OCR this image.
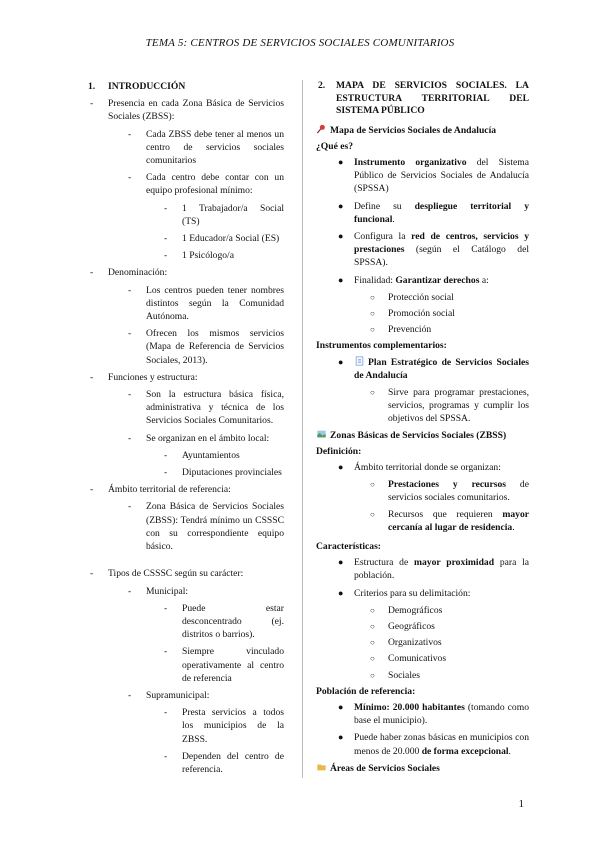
TEMA 5: CENTROS DE SERVICIOS SOCIALES COMUNITARIOS

1. INTRODUCCIÓN

- Presencia en cada Zona Básica de Servicios Sociales (ZBSS):
- Cada ZBSS debe tener al menos un centro de servicios sociales comunitarios
- Cada centro debe contar con un equipo profesional mínimo:
- 1 Trabajador/a Social (TS)
- 1 Educador/a Social (ES)
- 1 Psicólogo/a
- Denominación:
- Los centros pueden tener nombres distintos según la Comunidad Autónoma.
- Ofrecen los mismos servicios (Mapa de Referencia de Servicios Sociales, 2013).
- Funciones y estructura:
- Son la estructura básica física, administrativa y técnica de los Servicios Sociales Comunitarios.
- Se organizan en el ámbito local:
- Ayuntamientos
- Diputaciones provinciales
- Ámbito territorial de referencia:
- Zona Básica de Servicios Sociales (ZBSS): Tendrá mínimo un CSSSC con su correspondiente equipo básico.
- Tipos de CSSSC según su carácter:
- Municipal:
- Puede estar desconcentrado (ej. distritos o barrios).
- Siempre vinculado operativamente al centro de referencia
- Supramunicipal:
- Presta servicios a todos los municipios de la ZBSS.
- Dependen del centro de referencia.

2. MAPA DE SERVICIOS SOCIALES. LA ESTRUCTURA TERRITORIAL DEL SISTEMA PÚBLICO

Mapa de Servicios Sociales de Andalucía

¿Qué es?

● Instrumento organizativo del Sistema Público de Servicios Sociales de Andalucía (SPSSA)
● Define su despliegue territorial y funcional.
● Configura la red de centros, servicios y prestaciones (según el Catálogo del SPSSA).
● Finalidad: Garantizar derechos a:
○ Protección social
○ Promoción social
○ Prevención

Instrumentos complementarios:

●	Plan Estratégico de Servicios Sociales de Andalucía
○ Sirve para programar prestaciones, servicios, programas y cumplir los objetivos del SPSSA.

Zonas Básicas de Servicios Sociales (ZBSS)

Definición:

● Ámbito territorial donde se organizan:
○ Prestaciones y recursos de servicios sociales comunitarios.
○ Recursos que requieren mayor cercanía al lugar de residencia.

Características:

● Estructura de mayor proximidad para la población.
● Criterios para su delimitación:
○ Demográficos
○ Geográficos
○ Organizativos
○ Comunicativos
○ Sociales

Población de referencia:

● Mínimo: 20.000 habitantes (tomando como base el municipio).
● Puede haber zonas básicas en municipios con menos de 20.000 de forma excepcional.

Áreas de Servicios Sociales

1
